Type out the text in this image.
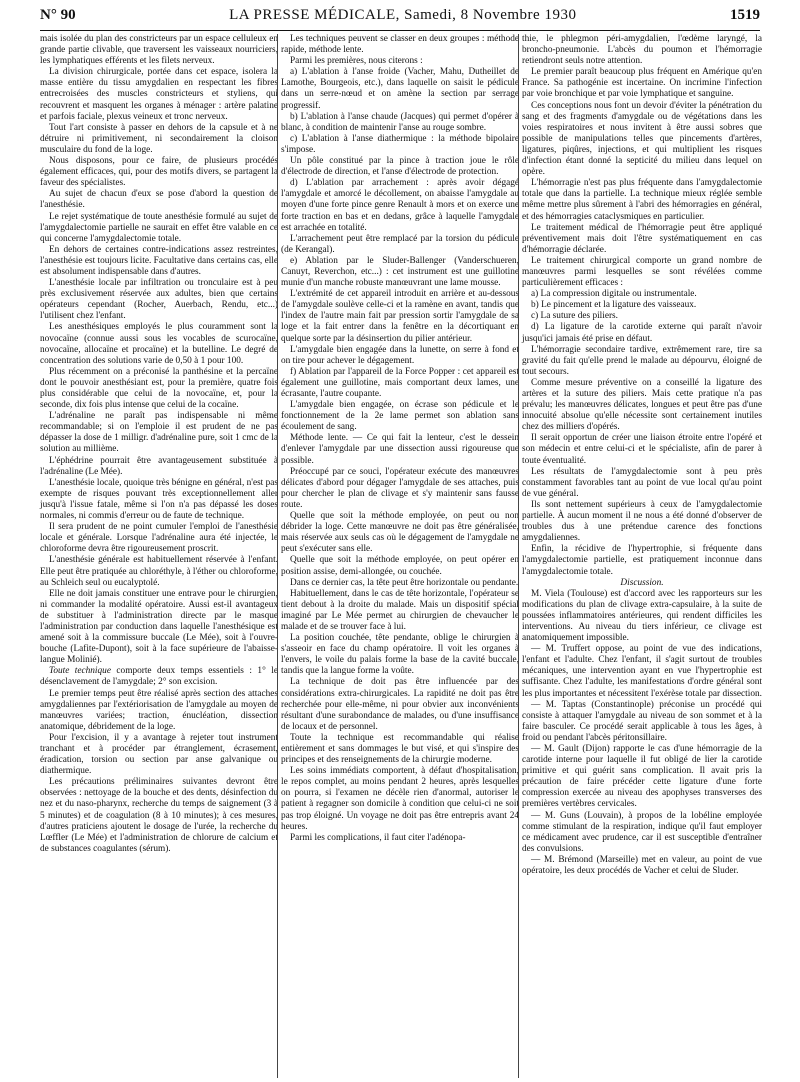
N° 90	LA PRESSE MÉDICALE, Samedi, 8 Novembre 1930	1519

mais isolée du plan des constricteurs par un espace celluleux en grande partie clivable, que traversent les vaisseaux nourriciers, les lymphatiques efférents et les filets nerveux.

La division chirurgicale, portée dans cet espace, isolera la masse entière du tissu amygdalien en respectant les fibres entrecroisées des muscles constricteurs et styliens, qui recouvrent et masquent les organes à ménager : artère palatine et parfois faciale, plexus veineux et tronc nerveux.

Tout l'art consiste à passer en dehors de la capsule et à ne détruire ni primitivement, ni secondairement la cloison musculaire du fond de la loge.

Nous disposons, pour ce faire, de plusieurs procédés également efficaces, qui, pour des motifs divers, se partagent la faveur des spécialistes.

Au sujet de chacun d'eux se pose d'abord la question de l'anesthésie.

Le rejet systématique de toute anesthésie formulé au sujet de l'amygdalectomie partielle ne saurait en effet être valable en ce qui concerne l'amygdalectomie totale.

En dehors de certaines contre-indications assez restreintes, l'anesthésie est toujours licite. Facultative dans certains cas, elle est absolument indispensable dans d'autres.

L'anesthésie locale par infiltration ou tronculaire est à peu près exclusivement réservée aux adultes, bien que certains opérateurs cependant (Rocher, Auerbach, Rendu, etc...) l'utilisent chez l'enfant.

Les anesthésiques employés le plus couramment sont la novocaïne (connue aussi sous les vocables de scurocaïne, novocaïne, allocaïne et procaïne) et la butelline. Le degré de concentration des solutions varie de 0,50 à 1 pour 100.

Plus récemment on a préconisé la panthésine et la percaïne dont le pouvoir anesthésiant est, pour la première, quatre fois plus considérable que celui de la novocaïne, et, pour la seconde, dix fois plus intense que celui de la cocaïne.

L'adrénaline ne paraît pas indispensable ni même recommandable; si on l'emploie il est prudent de ne pas dépasser la dose de 1 milligr. d'adrénaline pure, soit 1 cmc de la solution au millième.

L'éphédrine pourrait être avantageusement substituée à l'adrénaline (Le Mée).

L'anesthésie locale, quoique très bénigne en général, n'est pas exempte de risques pouvant très exceptionnellement aller jusqu'à l'issue fatale, même si l'on n'a pas dépassé les doses normales, ni commis d'erreur ou de faute de technique.

Il sera prudent de ne point cumuler l'emploi de l'anesthésie locale et générale. Lorsque l'adrénaline aura été injectée, le chloroforme devra être rigoureusement proscrit.

L'anesthésie générale est habituellement réservée à l'enfant. Elle peut être pratiquée au chloréthyle, à l'éther ou chloroforme, au Schleich seul ou eucalyptolé.

Elle ne doit jamais constituer une entrave pour le chirurgien, ni commander la modalité opératoire. Aussi est-il avantageux de substituer à l'administration directe par le masque l'administration par conduction dans laquelle l'anesthésique est amené soit à la commissure buccale (Le Mée), soit à l'ouvre-bouche (Lafite-Dupont), soit à la face supérieure de l'abaisse-langue Molinié).

Toute technique comporte deux temps essentiels : 1° le désenclavement de l'amygdale; 2° son excision.

Le premier temps peut être réalisé après section des attaches amygdaliennes par l'extériorisation de l'amygdale au moyen de manœuvres variées; traction, énucléation, dissection anatomique, débridement de la loge.

Pour l'excision, il y a avantage à rejeter tout instrument tranchant et à procéder par étranglement, écrasement, éradication, torsion ou section par anse galvanique ou diathermique.

Les précautions préliminaires suivantes devront être observées : nettoyage de la bouche et des dents, désinfection du nez et du naso-pharynx, recherche du temps de saignement (3 à 5 minutes) et de coagulation (8 à 10 minutes); à ces mesures, d'autres praticiens ajoutent le dosage de l'urée, la recherche du Lœffler (Le Mée) et l'administration de chlorure de calcium et de substances coagulantes (sérum).

Les techniques peuvent se classer en deux groupes : méthode rapide, méthode lente.

Parmi les premières, nous citerons :

a) L'ablation à l'anse froide (Vacher, Mahu, Dutheillet de Lamothe, Bourgeois, etc.), dans laquelle on saisit le pédicule dans un serre-nœud et on amène la section par serrage progressif.

b) L'ablation à l'anse chaude (Jacques) qui permet d'opérer à blanc, à condition de maintenir l'anse au rouge sombre.

c) L'ablation à l'anse diathermique : la méthode bipolaire s'impose.

Un pôle constitué par la pince à traction joue le rôle d'électrode de direction, et l'anse d'électrode de protection.

d) L'ablation par arrachement : après avoir dégagé l'amygdale et amorcé le décollement, on abaisse l'amygdale au moyen d'une forte pince genre Renault à mors et on exerce une forte traction en bas et en dedans, grâce à laquelle l'amygdale est arrachée en totalité.

L'arrachement peut être remplacé par la torsion du pédicule (de Kerangal).

e) Ablation par le Sluder-Ballenger (Vanderschueren, Canuyt, Reverchon, etc...) : cet instrument est une guillotine munie d'un manche robuste manœuvrant une lame mousse.

L'extrémité de cet appareil introduit en arrière et au-dessous de l'amygdale soulève celle-ci et la ramène en avant, tandis que l'index de l'autre main fait par pression sortir l'amygdale de sa loge et la fait entrer dans la fenêtre en la décortiquant en quelque sorte par la désinsertion du pilier antérieur.

L'amygdale bien engagée dans la lunette, on serre à fond et on tire pour achever le dégagement.

f) Ablation par l'appareil de la Force Popper : cet appareil est également une guillotine, mais comportant deux lames, une écrasante, l'autre coupante.

L'amygdale bien engagée, on écrase son pédicule et le fonctionnement de la 2e lame permet son ablation sans écoulement de sang.

Méthode lente. — Ce qui fait la lenteur, c'est le dessein d'enlever l'amygdale par une dissection aussi rigoureuse que possible.

Préoccupé par ce souci, l'opérateur exécute des manœuvres délicates d'abord pour dégager l'amygdale de ses attaches, puis pour chercher le plan de clivage et s'y maintenir sans fausse route.

Quelle que soit la méthode employée, on peut ou non débrider la loge. Cette manœuvre ne doit pas être généralisée, mais réservée aux seuls cas où le dégagement de l'amygdale ne peut s'exécuter sans elle.

Quelle que soit la méthode employée, on peut opérer en position assise, demi-allongée, ou couchée.

Dans ce dernier cas, la tête peut être horizontale ou pendante.

Habituellement, dans le cas de tête horizontale, l'opérateur se tient debout à la droite du malade. Mais un dispositif spécial imaginé par Le Mée permet au chirurgien de chevaucher le malade et de se trouver face à lui.

La position couchée, tête pendante, oblige le chirurgien à s'asseoir en face du champ opératoire. Il voit les organes à l'envers, le voile du palais forme la base de la cavité buccale, tandis que la langue forme la voûte.

La technique de doit pas être influencée par des considérations extra-chirurgicales. La rapidité ne doit pas être recherchée pour elle-même, ni pour obvier aux inconvénients résultant d'une surabondance de malades, ou d'une insuffisance de locaux et de personnel.

Toute la technique est recommandable qui réalise entièrement et sans dommages le but visé, et qui s'inspire des principes et des renseignements de la chirurgie moderne.

Les soins immédiats comportent, à défaut d'hospitalisation, le repos complet, au moins pendant 2 heures, après lesquelles on pourra, si l'examen ne décèle rien d'anormal, autoriser le patient à regagner son domicile à condition que celui-ci ne soit pas trop éloigné. Un voyage ne doit pas être entrepris avant 24 heures.

Parmi les complications, il faut citer l'adénopa-

thie, le phlegmon péri-amygdalien, l'œdème laryngé, la broncho-pneumonie. L'abcès du poumon et l'hémorragie retiendront seuls notre attention.

Le premier paraît beaucoup plus fréquent en Amérique qu'en France. Sa pathogénie est incertaine. On incrimine l'infection par voie bronchique et par voie lymphatique et sanguine.

Ces conceptions nous font un devoir d'éviter la pénétration du sang et des fragments d'amygdale ou de végétations dans les voies respiratoires et nous invitent à être aussi sobres que possible de manipulations telles que pincements d'artères, ligatures, piqûres, injections, et qui multiplient les risques d'infection étant donné la septicité du milieu dans lequel on opère.

L'hémorragie n'est pas plus fréquente dans l'amygdalectomie totale que dans la partielle. La technique mieux réglée semble même mettre plus sûrement à l'abri des hémorragies en général, et des hémorragies cataclysmiques en particulier.

Le traitement médical de l'hémorragie peut être appliqué préventivement mais doit l'être systématiquement en cas d'hémorragie déclarée.

Le traitement chirurgical comporte un grand nombre de manœuvres parmi lesquelles se sont révélées comme particulièrement efficaces :

a) La compression digitale ou instrumentale.

b) Le pincement et la ligature des vaisseaux.

c) La suture des piliers.

d) La ligature de la carotide externe qui paraît n'avoir jusqu'ici jamais été prise en défaut.

L'hémorragie secondaire tardive, extrêmement rare, tire sa gravité du fait qu'elle prend le malade au dépourvu, éloigné de tout secours.

Comme mesure préventive on a conseillé la ligature des artères et la suture des piliers. Mais cette pratique n'a pas prévalu; les manœuvres délicates, longues et peut être pas d'une innocuité absolue qu'elle nécessite sont certainement inutiles chez des milliers d'opérés.

Il serait opportun de créer une liaison étroite entre l'opéré et son médecin et entre celui-ci et le spécialiste, afin de parer à toute éventualité.

Les résultats de l'amygdalectomie sont à peu près constamment favorables tant au point de vue local qu'au point de vue général.

Ils sont nettement supérieurs à ceux de l'amygdalectomie partielle. À aucun moment il ne nous a été donné d'observer de troubles dus à une prétendue carence des fonctions amygdaliennes.

Enfin, la récidive de l'hypertrophie, si fréquente dans l'amygdalectomie partielle, est pratiquement inconnue dans l'amygdalectomie totale.

Discussion.

M. Viela (Toulouse) est d'accord avec les rapporteurs sur les modifications du plan de clivage extra-capsulaire, à la suite de poussées inflammatoires antérieures, qui rendent difficiles les interventions. Au niveau du tiers inférieur, ce clivage est anatomiquement impossible.

— M. Truffert oppose, au point de vue des indications, l'enfant et l'adulte. Chez l'enfant, il s'agit surtout de troubles mécaniques, une intervention ayant en vue l'hypertrophie est suffisante. Chez l'adulte, les manifestations d'ordre général sont les plus importantes et nécessitent l'exérèse totale par dissection.

— M. Taptas (Constantinople) préconise un procédé qui consiste à attaquer l'amygdale au niveau de son sommet et à la faire basculer. Ce procédé serait applicable à tous les âges, à froid ou pendant l'abcès péritonsillaire.

— M. Gault (Dijon) rapporte le cas d'une hémorragie de la carotide interne pour laquelle il fut obligé de lier la carotide primitive et qui guérit sans complication. Il avait pris la précaution de faire précéder cette ligature d'une forte compression exercée au niveau des apophyses transverses des premières vertèbres cervicales.

— M. Guns (Louvain), à propos de la lobéline employée comme stimulant de la respiration, indique qu'il faut employer ce médicament avec prudence, car il est susceptible d'entraîner des convulsions.

— M. Brémond (Marseille) met en valeur, au point de vue opératoire, les deux procédés de Vacher et celui de Sluder.
